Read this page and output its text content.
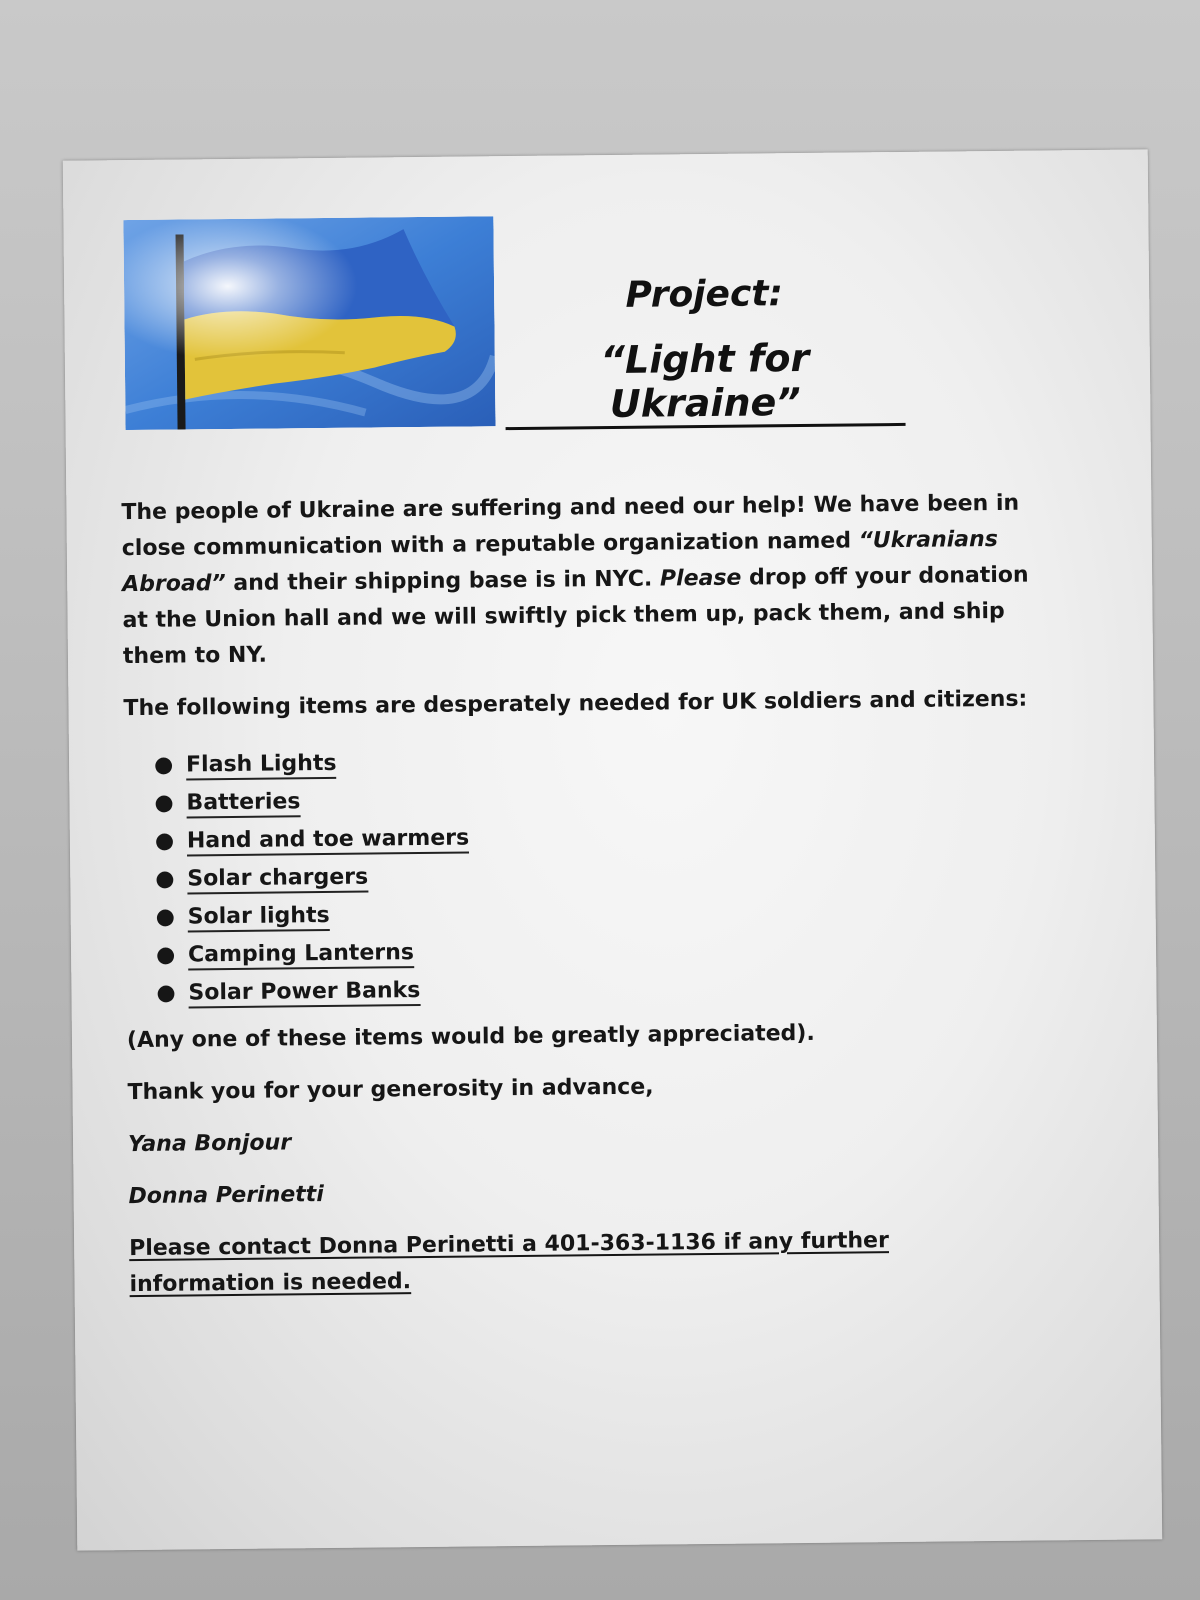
Project:
“Light for Ukraine”

The people of Ukraine are suffering and need our help! We have been in close communication with a reputable organization named “Ukranians Abroad” and their shipping base is in NYC. Please drop off your donation at the Union hall and we will swiftly pick them up, pack them, and ship them to NY.

The following items are desperately needed for UK soldiers and citizens:

● Flash Lights
● Batteries
● Hand and toe warmers
● Solar chargers
● Solar lights
● Camping Lanterns
● Solar Power Banks

(Any one of these items would be greatly appreciated).

Thank you for your generosity in advance,

Yana Bonjour

Donna Perinetti

Please contact Donna Perinetti a 401-363-1136 if any further information is needed.
